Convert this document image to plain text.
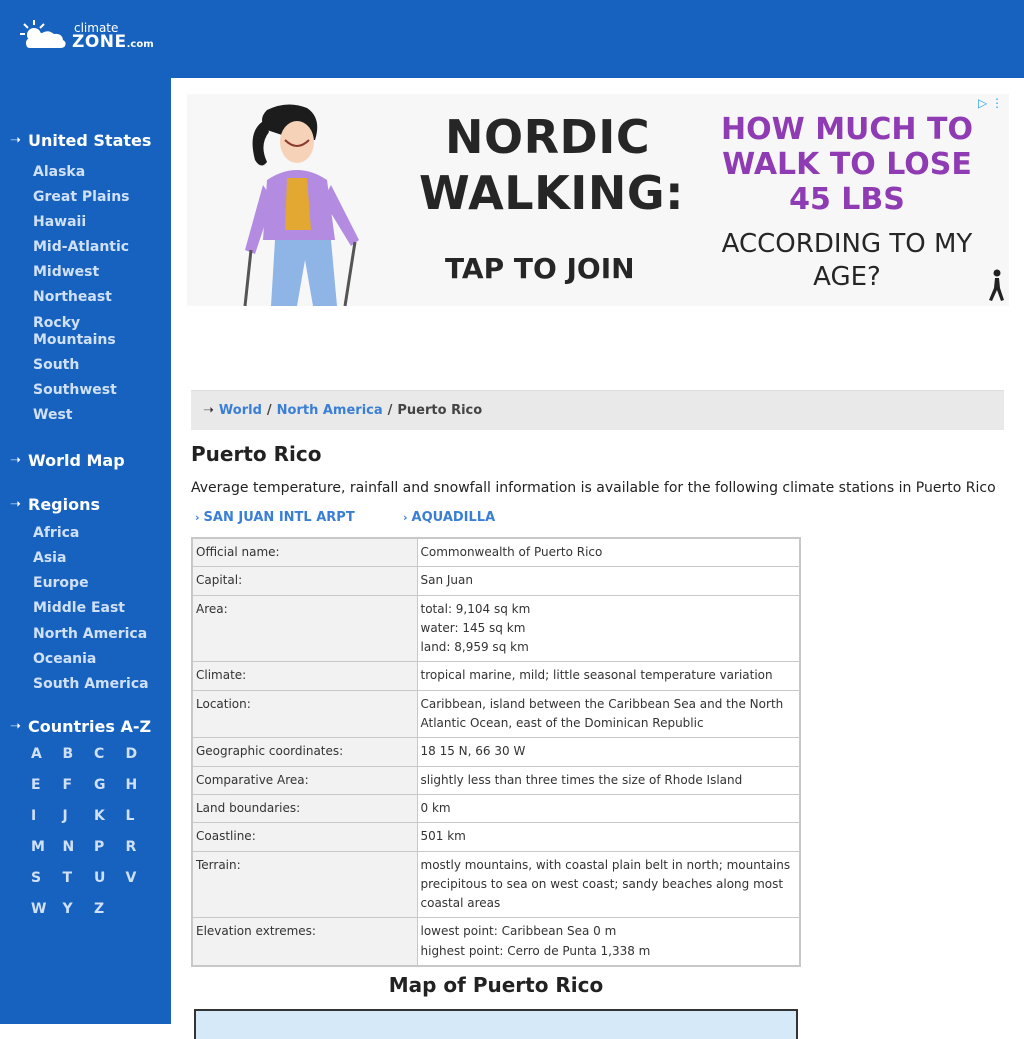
climate
ZONE.com
➝ United States
Alaska
Great Plains
Hawaii
Mid-Atlantic
Midwest
Northeast
Rocky Mountains
South
Southwest
West
➝ World Map
➝ Regions
Africa
Asia
Europe
Middle East
North America
Oceania
South America
➝ Countries A-Z
A	B	C	D
E	F	G	H
I	J	K	L
M	N	P	R
S	T	U	V
W	Y	Z
NORDIC
WALKING:
TAP TO JOIN
HOW MUCH TO WALK TO LOSE 45 LBS
ACCORDING TO MY AGE?
▷ ⋮
➝ World / North America / Puerto Rico
Puerto Rico
Average temperature, rainfall and snowfall information is available for the following climate stations in Puerto Rico
› SAN JUAN INTL ARPT	› AQUADILLA
Official name:	Commonwealth of Puerto Rico

Capital:	San Juan

Area:	total: 9,104 sq km
water: 145 sq km
land: 8,959 sq km

Climate:	tropical marine, mild; little seasonal temperature variation

Location:	Caribbean, island between the Caribbean Sea and the North Atlantic Ocean, east of the Dominican Republic

Geographic coordinates:	18 15 N, 66 30 W

Comparative Area:	slightly less than three times the size of Rhode Island

Land boundaries:	0 km

Coastline:	501 km

Terrain:	mostly mountains, with coastal plain belt in north; mountains precipitous to sea on west coast; sandy beaches along most coastal areas

Elevation extremes:	lowest point: Caribbean Sea 0 m
highest point: Cerro de Punta 1,338 m
Map of Puerto Rico
